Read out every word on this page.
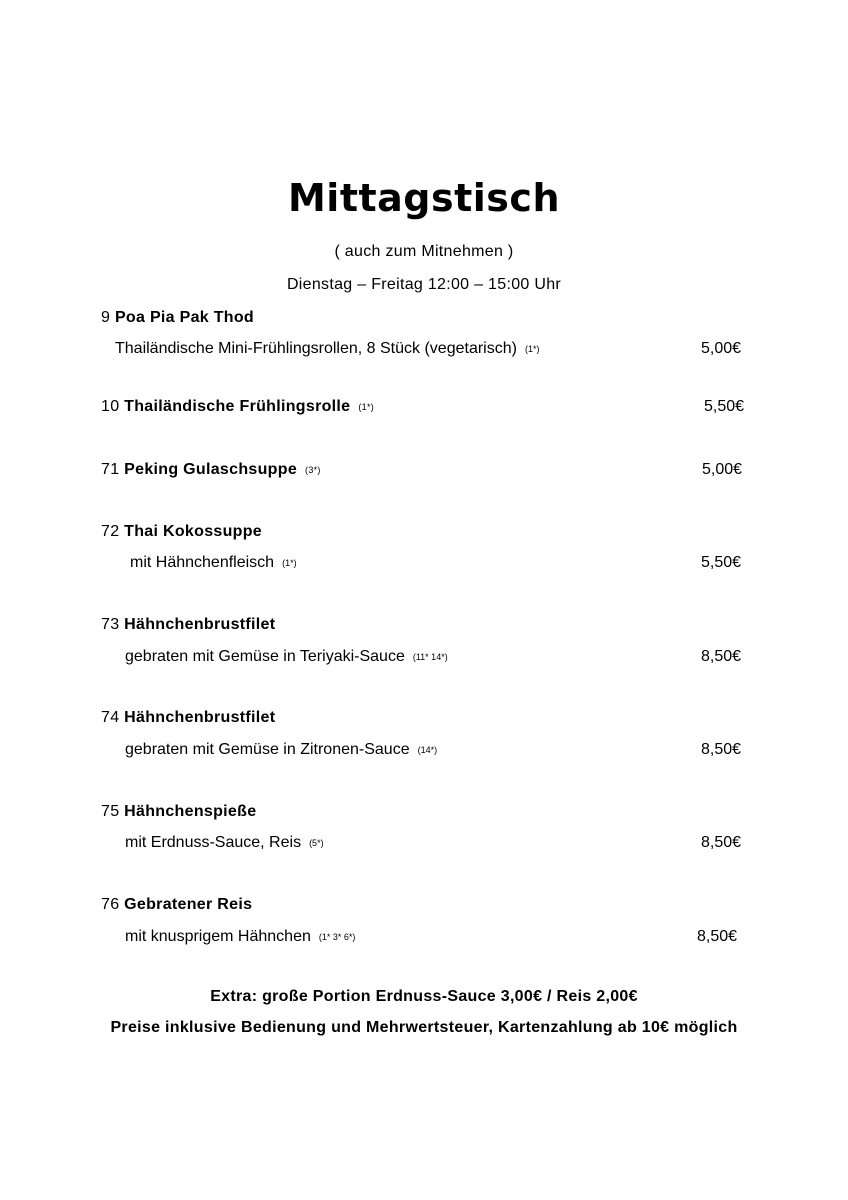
Mittagstisch
( auch zum Mitnehmen )
Dienstag – Freitag 12:00 – 15:00 Uhr
9 Poa Pia Pak Thod
Thailändische Mini-Frühlingsrollen, 8 Stück (vegetarisch) (1*)	5,00€
10 Thailändische Frühlingsrolle (1*)	5,50€
71 Peking Gulaschsuppe (3*)	5,00€
72 Thai Kokossuppe
mit Hähnchenfleisch (1*)	5,50€
73 Hähnchenbrustfilet
gebraten mit Gemüse in Teriyaki-Sauce (11* 14*)	8,50€
74 Hähnchenbrustfilet
gebraten mit Gemüse in Zitronen-Sauce (14*)	8,50€
75 Hähnchenspieße
mit Erdnuss-Sauce, Reis (5*)	8,50€
76 Gebratener Reis
mit knusprigem Hähnchen (1* 3* 6*)	8,50€
Extra: große Portion Erdnuss-Sauce 3,00€ / Reis 2,00€
Preise inklusive Bedienung und Mehrwertsteuer, Kartenzahlung ab 10€ möglich
